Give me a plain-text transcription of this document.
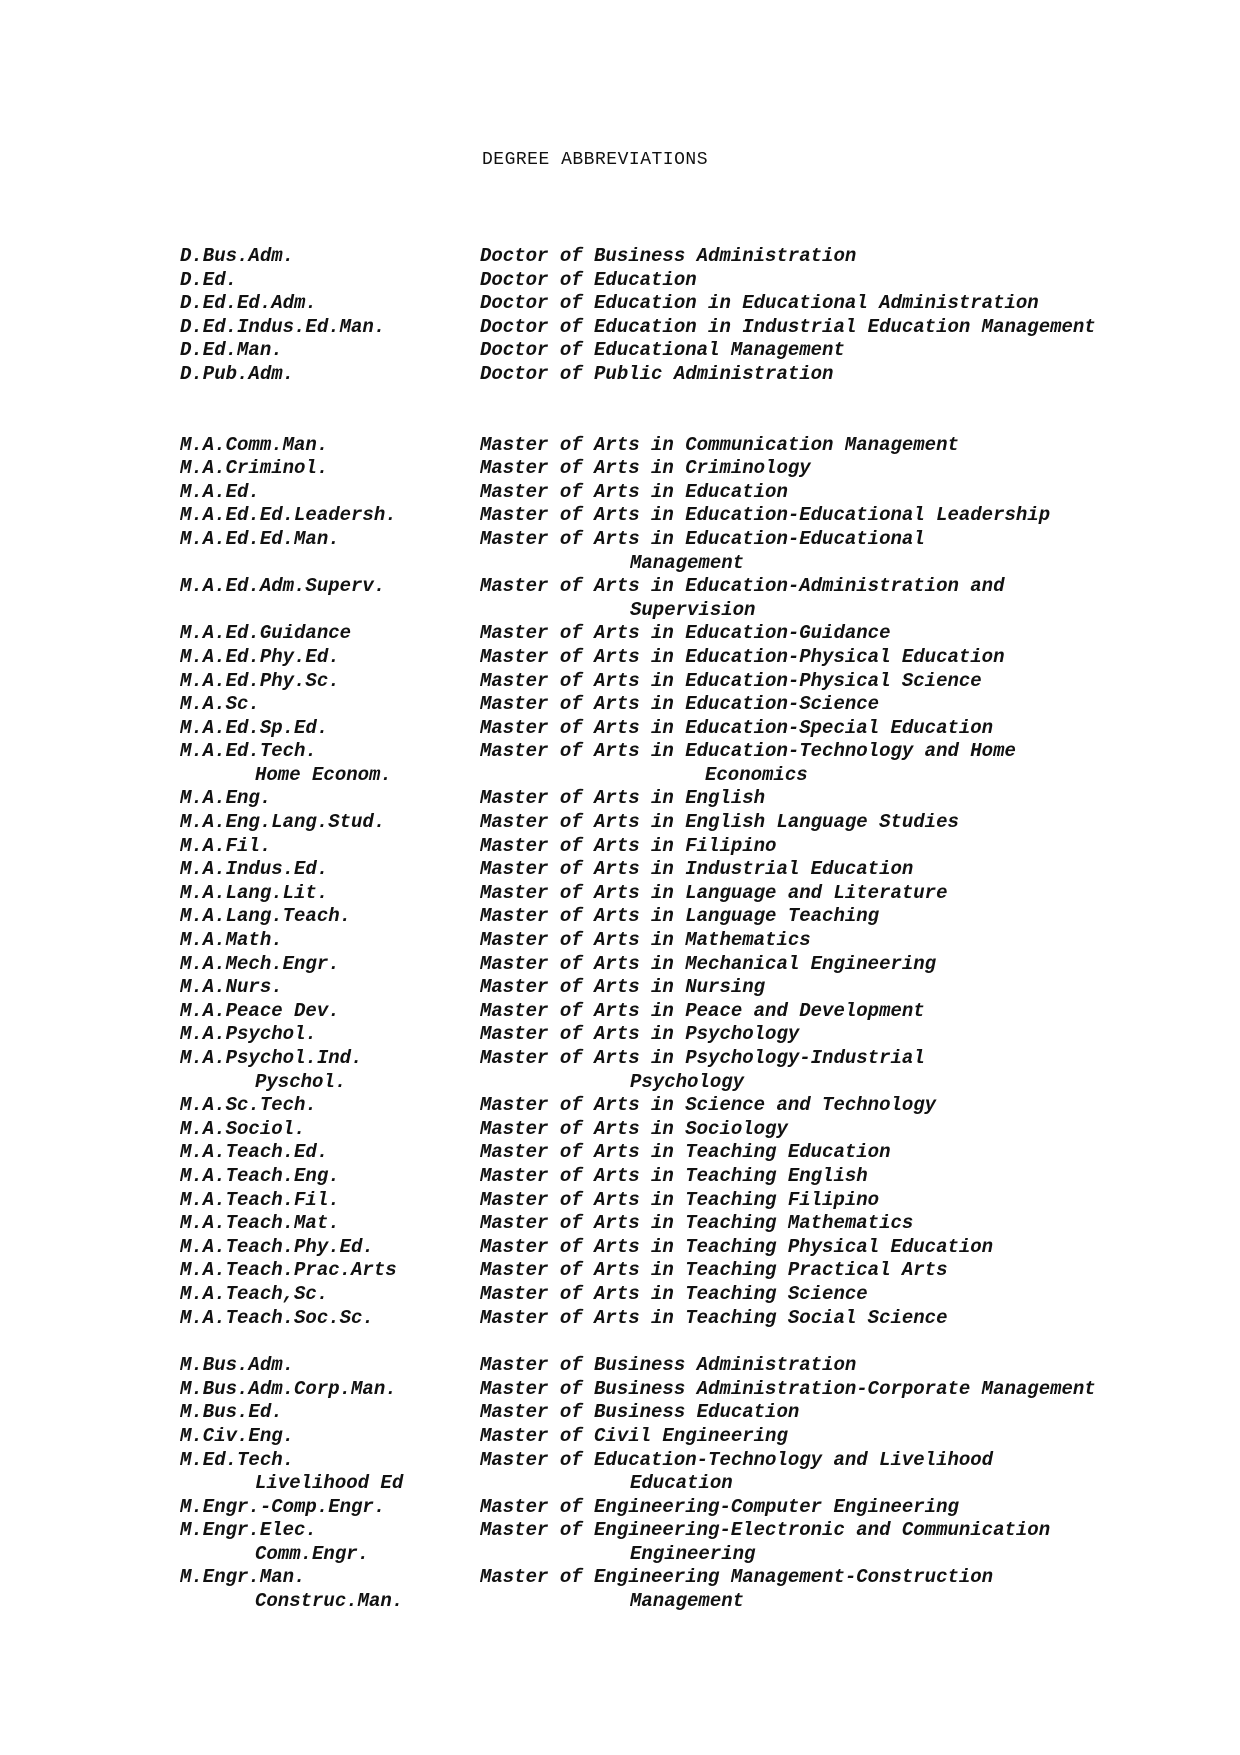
DEGREE ABBREVIATIONS
D.Bus.Adm.	Doctor of Business Administration
D.Ed.	Doctor of Education
D.Ed.Ed.Adm.	Doctor of Education in Educational Administration
D.Ed.Indus.Ed.Man.	Doctor of Education in Industrial Education Management
D.Ed.Man.	Doctor of Educational Management
D.Pub.Adm.	Doctor of Public Administration
M.A.Comm.Man.	Master of Arts in Communication Management
M.A.Criminol.	Master of Arts in Criminology
M.A.Ed.	Master of Arts in Education
M.A.Ed.Ed.Leadersh.	Master of Arts in Education-Educational Leadership
M.A.Ed.Ed.Man.	Master of Arts in Education-Educational
Management
M.A.Ed.Adm.Superv.	Master of Arts in Education-Administration and
Supervision
M.A.Ed.Guidance	Master of Arts in Education-Guidance
M.A.Ed.Phy.Ed.	Master of Arts in Education-Physical Education
M.A.Ed.Phy.Sc.	Master of Arts in Education-Physical Science
M.A.Sc.	Master of Arts in Education-Science
M.A.Ed.Sp.Ed.	Master of Arts in Education-Special Education
M.A.Ed.Tech.	Master of Arts in Education-Technology and Home
Home Econom.	Economics
M.A.Eng.	Master of Arts in English
M.A.Eng.Lang.Stud.	Master of Arts in English Language Studies
M.A.Fil.	Master of Arts in Filipino
M.A.Indus.Ed.	Master of Arts in Industrial Education
M.A.Lang.Lit.	Master of Arts in Language and Literature
M.A.Lang.Teach.	Master of Arts in Language Teaching
M.A.Math.	Master of Arts in Mathematics
M.A.Mech.Engr.	Master of Arts in Mechanical Engineering
M.A.Nurs.	Master of Arts in Nursing
M.A.Peace Dev.	Master of Arts in Peace and Development
M.A.Psychol.	Master of Arts in Psychology
M.A.Psychol.Ind.	Master of Arts in Psychology-Industrial
Pyschol.	Psychology
M.A.Sc.Tech.	Master of Arts in Science and Technology
M.A.Sociol.	Master of Arts in Sociology
M.A.Teach.Ed.	Master of Arts in Teaching Education
M.A.Teach.Eng.	Master of Arts in Teaching English
M.A.Teach.Fil.	Master of Arts in Teaching Filipino
M.A.Teach.Mat.	Master of Arts in Teaching Mathematics
M.A.Teach.Phy.Ed.	Master of Arts in Teaching Physical Education
M.A.Teach.Prac.Arts	Master of Arts in Teaching Practical Arts
M.A.Teach,Sc.	Master of Arts in Teaching Science
M.A.Teach.Soc.Sc.	Master of Arts in Teaching Social Science
M.Bus.Adm.	Master of Business Administration
M.Bus.Adm.Corp.Man.	Master of Business Administration-Corporate Management
M.Bus.Ed.	Master of Business Education
M.Civ.Eng.	Master of Civil Engineering
M.Ed.Tech.	Master of Education-Technology and Livelihood
Livelihood Ed	Education
M.Engr.-Comp.Engr.	Master of Engineering-Computer Engineering
M.Engr.Elec.	Master of Engineering-Electronic and Communication
Comm.Engr.	Engineering
M.Engr.Man.	Master of Engineering Management-Construction
Construc.Man.	Management
